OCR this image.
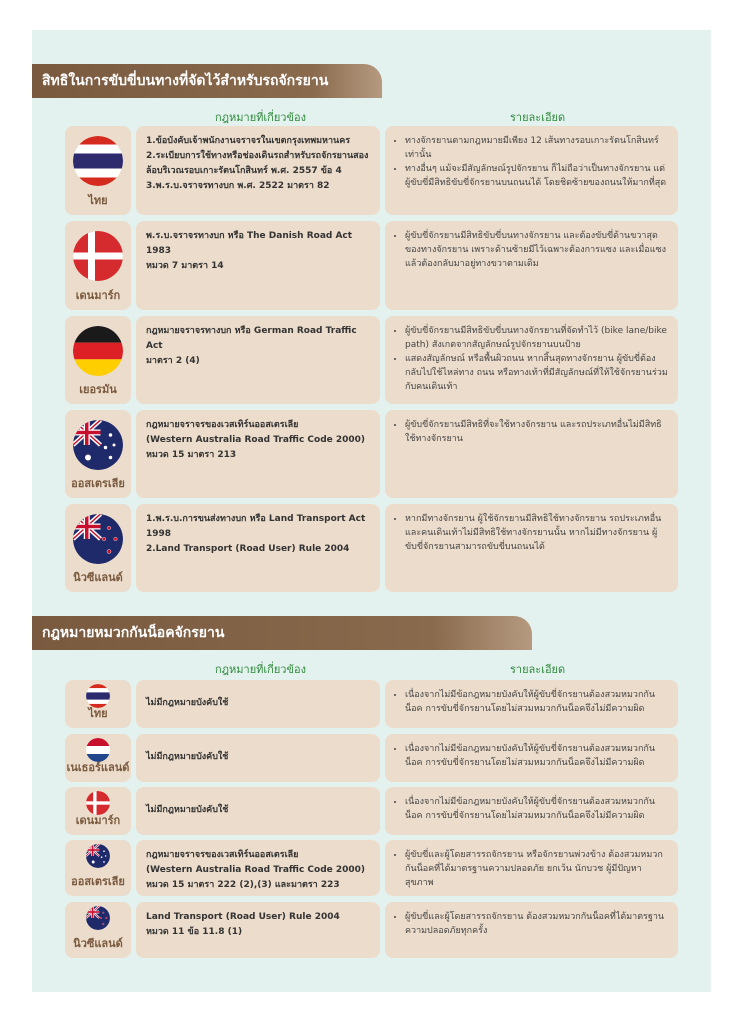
สิทธิในการขับขี่บนทางที่จัดไว้สำหรับรถจักรยาน
กฎหมายที่เกี่ยวข้อง	รายละเอียด
ไทย
1.ข้อบังคับเจ้าพนักงานจราจรในเขตกรุงเทพมหานคร
2.ระเบียบการใช้ทางหรือช่องเดินรถสำหรับรถจักรยานสองล้อบริเวณรอบเกาะรัตนโกสินทร์ พ.ศ. 2557 ข้อ 4
3.พ.ร.บ.จราจรทางบก พ.ศ. 2522 มาตรา 82
• ทางจักรยานตามกฎหมายมีเพียง 12 เส้นทางรอบเกาะรัตนโกสินทร์เท่านั้น
• ทางอื่นๆ แม้จะมีสัญลักษณ์รูปจักรยาน ก็ไม่ถือว่าเป็นทางจักรยาน แต่ผู้ขับขี่มีสิทธิขับขี่จักรยานบนถนนได้ โดยชิดซ้ายของถนนให้มากที่สุด
เดนมาร์ก
พ.ร.บ.จราจรทางบก หรือ The Danish Road Act 1983
หมวด 7 มาตรา 14
• ผู้ขับขี่จักรยานมีสิทธิขับขี่บนทางจักรยาน และต้องขับขี่ด้านขวาสุดของทางจักรยาน เพราะด้านซ้ายมีไว้เฉพาะต้องการแซง และเมื่อแซงแล้วต้องกลับมาอยู่ทางขวาตามเดิม
เยอรมัน
กฎหมายจราจรทางบก หรือ German Road Traffic Act
มาตรา 2 (4)
• ผู้ขับขี่จักรยานมีสิทธิขับขี่บนทางจักรยานที่จัดทำไว้ (bike lane/bike path) สังเกตจากสัญลักษณ์รูปจักรยานบนป้าย
• แสดงสัญลักษณ์ หรือพื้นผิวถนน หากสิ้นสุดทางจักรยาน ผู้ขับขี่ต้องกลับไปใช้ไหล่ทาง ถนน หรือทางเท้าที่มีสัญลักษณ์ที่ให้ใช้จักรยานร่วมกับคนเดินเท้า
ออสเตรเลีย
กฎหมายจราจรของเวสเทิร์นออสเตรเลีย
(Western Australia Road Traffic Code 2000)
หมวด 15 มาตรา 213
• ผู้ขับขี่จักรยานมีสิทธิที่จะใช้ทางจักรยาน และรถประเภทอื่นไม่มีสิทธิใช้ทางจักรยาน
นิวซีแลนด์
1.พ.ร.บ.การขนส่งทางบก หรือ Land Transport Act 1998
2.Land Transport (Road User) Rule 2004
• หากมีทางจักรยาน ผู้ใช้จักรยานมีสิทธิใช้ทางจักรยาน รถประเภทอื่นและคนเดินเท้าไม่มีสิทธิใช้ทางจักรยานนั้น หากไม่มีทางจักรยาน ผู้ขับขี่จักรยานสามารถขับขี่บนถนนได้
กฎหมายหมวกกันน็อคจักรยาน
กฎหมายที่เกี่ยวข้อง	รายละเอียด
ไทย
ไม่มีกฎหมายบังคับใช้
• เนื่องจากไม่มีข้อกฎหมายบังคับให้ผู้ขับขี่จักรยานต้องสวมหมวกกันน็อค การขับขี่จักรยานโดยไม่สวมหมวกกันน็อคจึงไม่มีความผิด
เนเธอร์แลนด์
ไม่มีกฎหมายบังคับใช้
• เนื่องจากไม่มีข้อกฎหมายบังคับให้ผู้ขับขี่จักรยานต้องสวมหมวกกันน็อค การขับขี่จักรยานโดยไม่สวมหมวกกันน็อคจึงไม่มีความผิด
เดนมาร์ก
ไม่มีกฎหมายบังคับใช้
• เนื่องจากไม่มีข้อกฎหมายบังคับให้ผู้ขับขี่จักรยานต้องสวมหมวกกันน็อค การขับขี่จักรยานโดยไม่สวมหมวกกันน็อคจึงไม่มีความผิด
ออสเตรเลีย
กฎหมายจราจรของเวสเทิร์นออสเตรเลีย
(Western Australia Road Traffic Code 2000)
หมวด 15 มาตรา 222 (2),(3) และมาตรา 223
• ผู้ขับขี่และผู้โดยสารรถจักรยาน หรือจักรยานพ่วงข้าง ต้องสวมหมวกกันน็อคที่ได้มาตรฐานความปลอดภัย ยกเว้น นักบวช ผู้มีปัญหาสุขภาพ
นิวซีแลนด์
Land Transport (Road User) Rule 2004
หมวด 11 ข้อ 11.8 (1)
• ผู้ขับขี่และผู้โดยสารรถจักรยาน ต้องสวมหมวกกันน็อคที่ได้มาตรฐานความปลอดภัยทุกครั้ง
